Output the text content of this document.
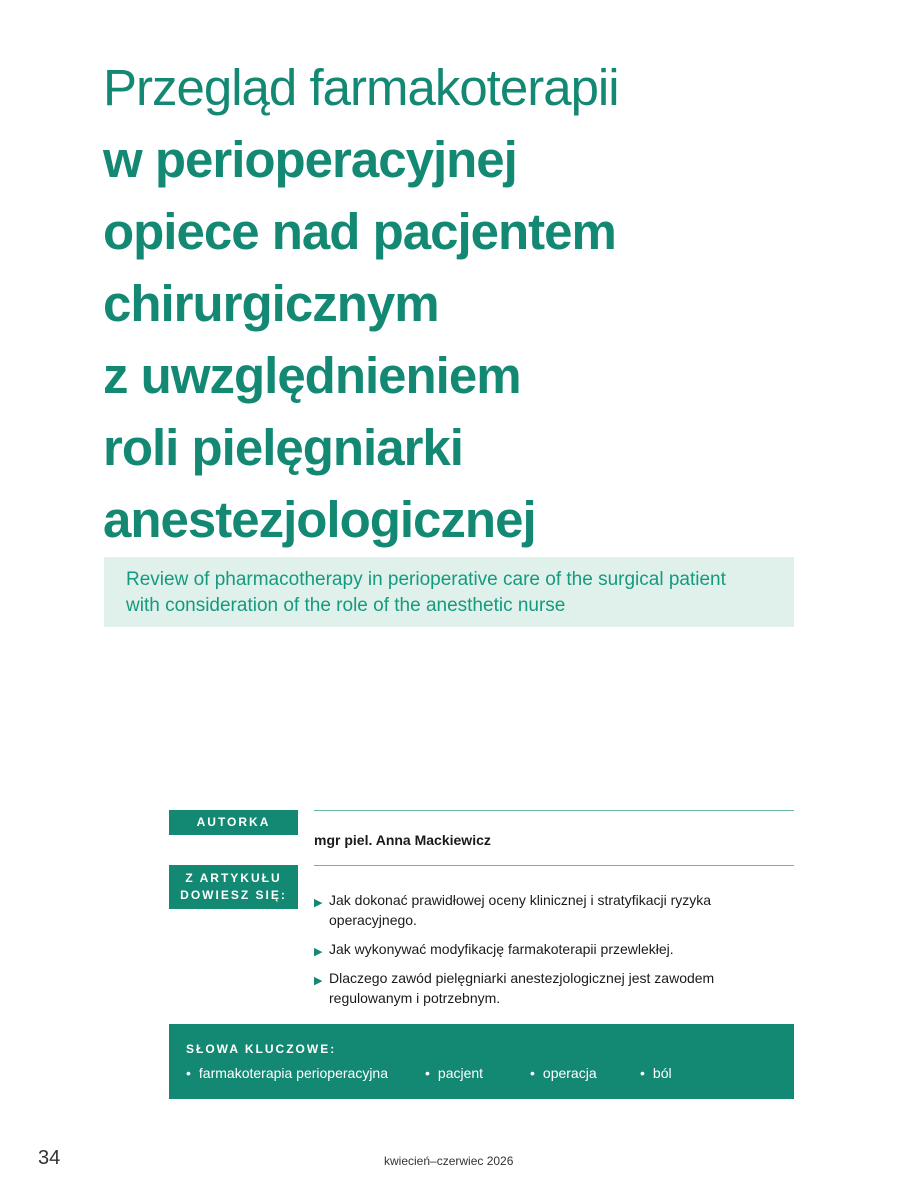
Przegląd farmakoterapii
w perioperacyjnej
opiece nad pacjentem
chirurgicznym
z uwzględnieniem
roli pielęgniarki
anestezjologicznej
Review of pharmacotherapy in perioperative care of the surgical patient
with consideration of the role of the anesthetic nurse
AUTORKA
mgr piel. Anna Mackiewicz
Z ARTYKUŁU
DOWIESZ SIĘ:
▶ Jak dokonać prawidłowej oceny klinicznej i stratyfikacji ryzyka operacyjnego.
▶ Jak wykonywać modyfikację farmakoterapii przewlekłej.
▶ Dlaczego zawód pielęgniarki anestezjologicznej jest zawodem regulowanym i potrzebnym.
SŁOWA KLUCZOWE:
• farmakoterapia perioperacyjna	• pacjent	• operacja	• ból
34	kwiecień–czerwiec 2026
